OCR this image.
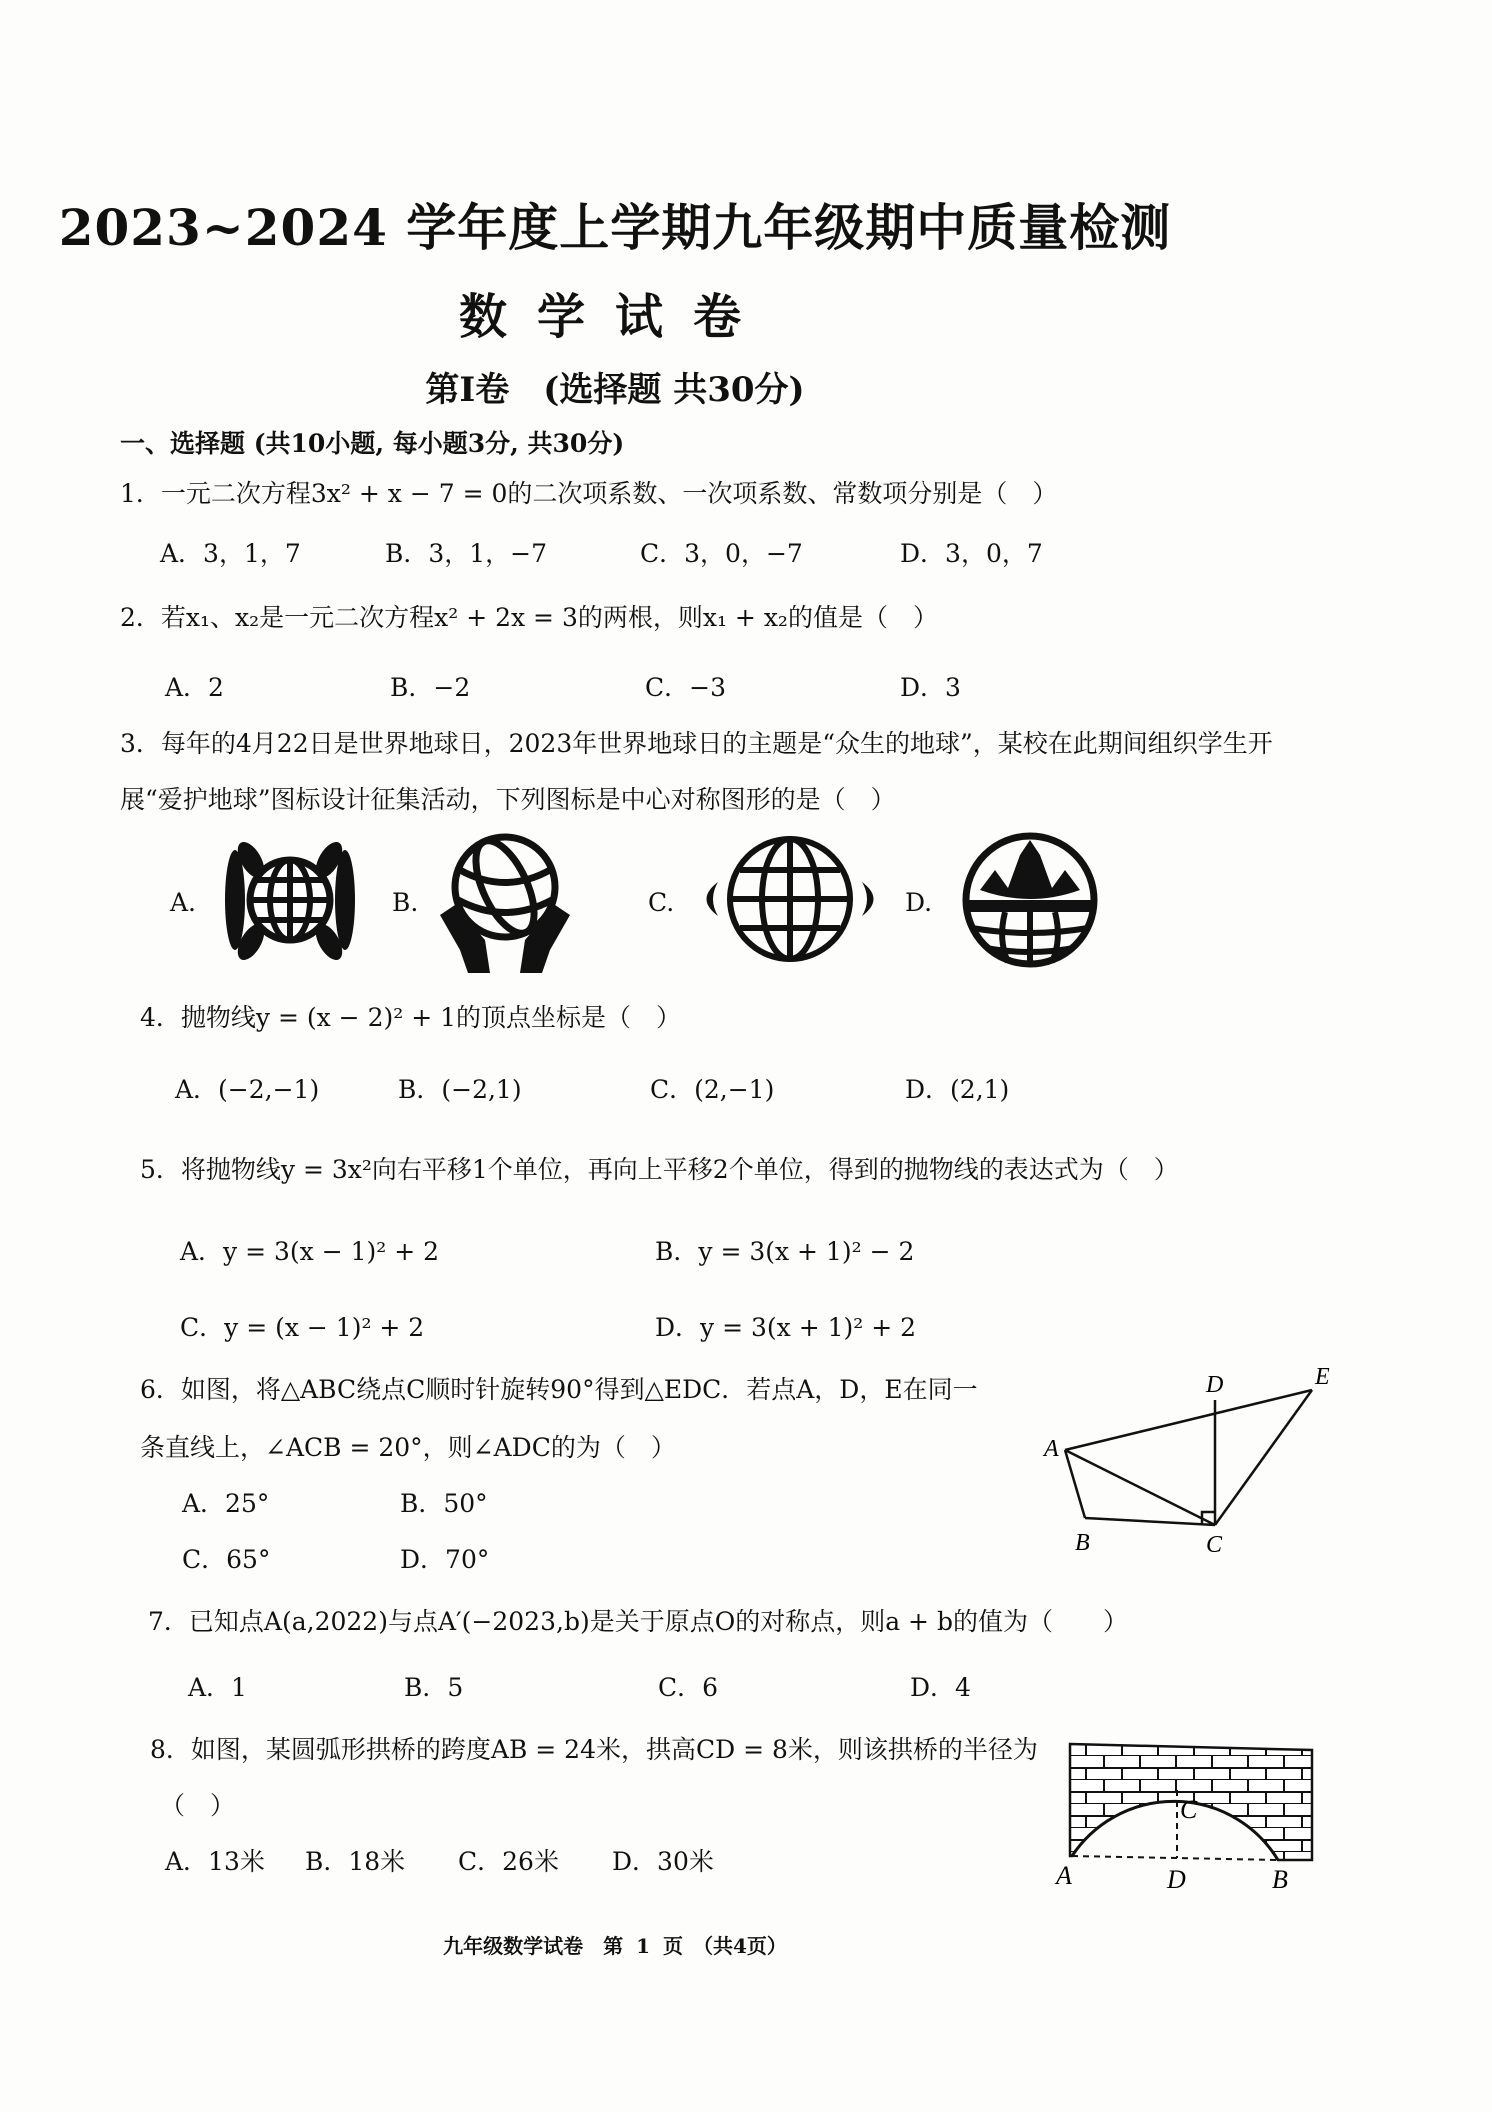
2023~2024 学年度上学期九年级期中质量检测
数学试卷
第Ⅰ卷　(选择题 共30分)
一、选择题 (共10小题, 每小题3分, 共30分)
1．一元二次方程3x² + x − 7 = 0的二次项系数、一次项系数、常数项分别是（　）
A．3，1，7	B．3，1，−7	C．3，0，−7	D．3，0，7
2．若x₁、x₂是一元二次方程x² + 2x = 3的两根，则x₁ + x₂的值是（　）
A．2	B．−2	C．−3	D．3
3．每年的4月22日是世界地球日，2023年世界地球日的主题是“众生的地球”，某校在此期间组织学生开
展“爱护地球”图标设计征集活动，下列图标是中心对称图形的是（　）
A.	B.	C.	D.
4．抛物线y = (x − 2)² + 1的顶点坐标是（　）
A．(−2,−1)	B．(−2,1)	C．(2,−1)	D．(2,1)
5．将抛物线y = 3x²向右平移1个单位，再向上平移2个单位，得到的抛物线的表达式为（　）
A．y = 3(x − 1)² + 2	B．y = 3(x + 1)² − 2
C．y = (x − 1)² + 2	D．y = 3(x + 1)² + 2
6．如图，将△ABC绕点C顺时针旋转90°得到△EDC．若点A，D，E在同一
条直线上，∠ACB = 20°，则∠ADC的为（　）
A．25°	B．50°
C．65°	D．70°
A
B	C
D	E
7．已知点A(a,2022)与点A′(−2023,b)是关于原点O的对称点，则a + b的值为（　　）
A．1	B．5	C．6	D．4
8．如图，某圆弧形拱桥的跨度AB = 24米，拱高CD = 8米，则该拱桥的半径为
（　）
A．13米 B．18米 C．26米 D．30米
C
A	D	B
九年级数学试卷　第 1 页　（共4页）
